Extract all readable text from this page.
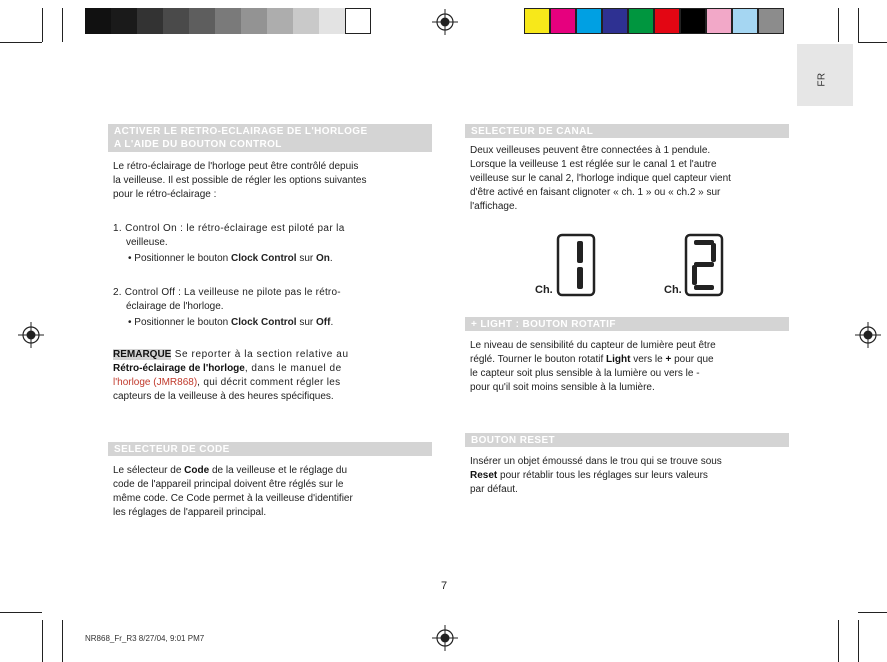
FR
ACTIVER LE RETRO-ECLAIRAGE DE L'HORLOGE
A L'AIDE DU BOUTON CONTROL
Le rétro-éclairage de l'horloge peut être contrôlé depuis
la veilleuse. Il est possible de régler les options suivantes
pour le rétro-éclairage :
1. Control On : le rétro-éclairage est piloté par la
veilleuse.
• Positionner le bouton Clock Control sur On.
2. Control Off : La veilleuse ne pilote pas le rétro-
éclairage de l'horloge.
• Positionner le bouton Clock Control sur Off.
REMARQUE Se reporter à la section relative au
Rétro-éclairage de l'horloge, dans le manuel de
l'horloge (JMR868), qui décrit comment régler les
capteurs de la veilleuse à des heures spécifiques.
SELECTEUR DE CODE
Le sélecteur de Code de la veilleuse et le réglage du
code de l'appareil principal doivent être réglés sur le
même code. Ce Code permet à la veilleuse d'identifier
les réglages de l'appareil principal.
SELECTEUR DE CANAL
Deux veilleuses peuvent être connectées à 1 pendule.
Lorsque la veilleuse 1 est réglée sur le canal 1 et l'autre
veilleuse sur le canal 2, l'horloge indique quel capteur vient
d'être activé en faisant clignoter « ch. 1 » ou « ch.2 » sur
l'affichage.
Ch.	Ch.
+ LIGHT : BOUTON ROTATIF
Le niveau de sensibilité du capteur de lumière peut être
réglé. Tourner le bouton rotatif Light vers le + pour que
le capteur soit plus sensible à la lumière ou vers le -
pour qu'il soit moins sensible à la lumière.
BOUTON RESET
Insérer un objet émoussé dans le trou qui se trouve sous
Reset pour rétablir tous les réglages sur leurs valeurs
par défaut.
7
NR868_Fr_R3 8/27/04, 9:01 PM7
